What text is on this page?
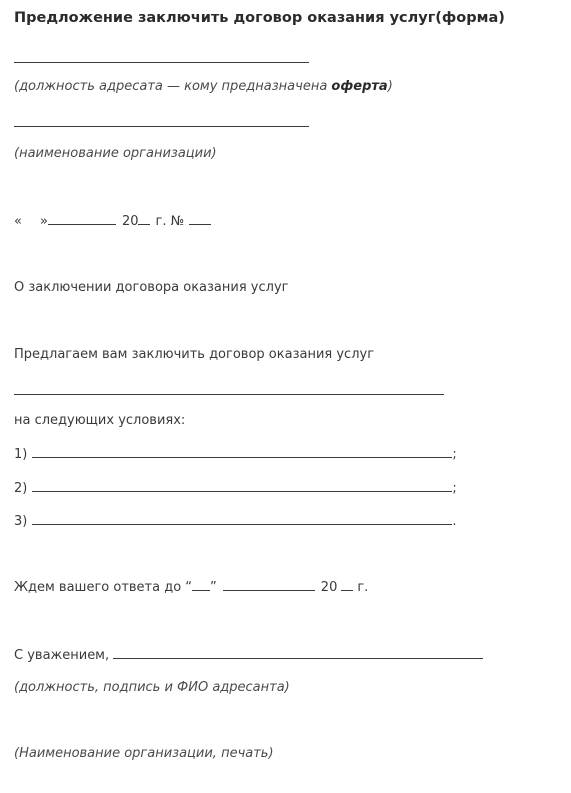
Предложение заключить договор оказания услуг(форма)
(должность адресата — кому предназначена оферта)
(наименование организации)
« »	20 г. №
О заключении договора оказания услуг
Предлагаем вам заключить договор оказания услуг
на следующих условиях:
1)	;
2)	;
3)	.
Ждем вашего ответа до “ ”	20 г.
С уважением,
(должность, подпись и ФИО адресанта)
(Наименование организации, печать)
